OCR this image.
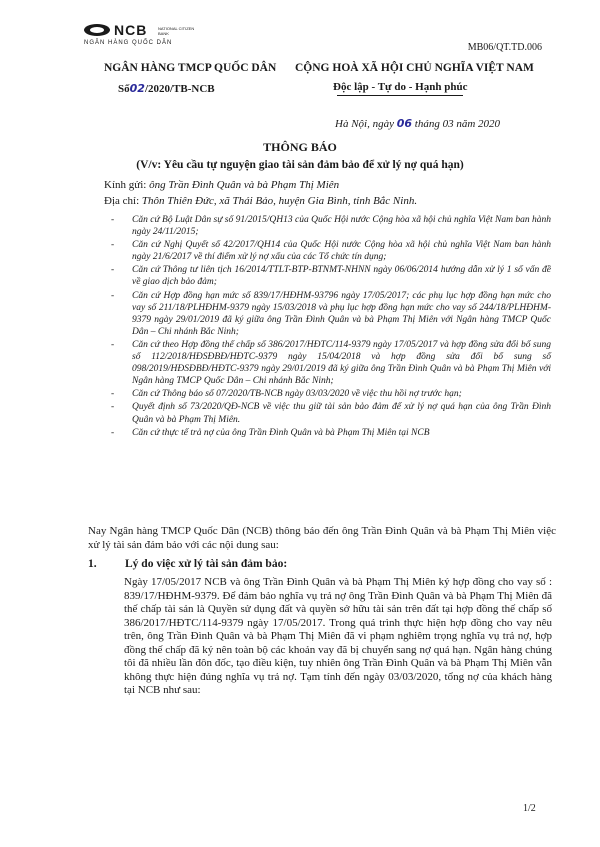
NCB	NATIONAL CITIZEN BANK
NGÂN HÀNG QUỐC DÂN	MB06/QT.TD.006
NGÂN HÀNG TMCP QUỐC DÂN
Số02/2020/TB-NCB
CỘNG HOÀ XÃ HỘI CHỦ NGHĨA VIỆT NAM
Độc lập - Tự do - Hạnh phúc
Hà Nội, ngày 06 tháng 03 năm 2020
THÔNG BÁO
(V/v: Yêu cầu tự nguyện giao tài sản đảm bảo để xử lý nợ quá hạn)
Kính gửi: ông Trần Đình Quân và bà Phạm Thị Miên
Địa chỉ: Thôn Thiên Đức, xã Thái Bảo, huyện Gia Bình, tỉnh Bắc Ninh.
-	Căn cứ Bộ Luật Dân sự số 91/2015/QH13 của Quốc Hội nước Cộng hòa xã hội chủ nghĩa Việt Nam ban hành ngày 24/11/2015;
-	Căn cứ Nghị Quyết số 42/2017/QH14 của Quốc Hội nước Cộng hòa xã hội chủ nghĩa Việt Nam ban hành ngày 21/6/2017 về thí điểm xử lý nợ xấu của các Tổ chức tín dụng;
-	Căn cứ Thông tư liên tịch 16/2014/TTLT-BTP-BTNMT-NHNN ngày 06/06/2014 hướng dẫn xử lý 1 số vấn đề về giao dịch bảo đảm;
-	Căn cứ Hợp đồng hạn mức số 839/17/HĐHM-93796 ngày 17/05/2017; các phụ lục hợp đồng hạn mức cho vay số 211/18/PLHĐHM-9379 ngày 15/03/2018 và phụ lục hợp đồng hạn mức cho vay số 244/18/PLHĐHM-9379 ngày 29/01/2019 đã ký giữa ông Trần Đình Quân và bà Phạm Thị Miên với Ngân hàng TMCP Quốc Dân – Chi nhánh Bắc Ninh;
-	Căn cứ theo Hợp đồng thế chấp số 386/2017/HĐTC/114-9379 ngày 17/05/2017 và hợp đồng sửa đổi bổ sung số 112/2018/HĐSĐBĐ/HĐTC-9379 ngày 15/04/2018 và hợp đồng sửa đổi bổ sung số 098/2019/HĐSĐBĐ/HĐTC-9379 ngày 29/01/2019 đã ký giữa ông Trần Đình Quân và bà Phạm Thị Miên với Ngân hàng TMCP Quốc Dân – Chi nhánh Bắc Ninh;
-	Căn cứ Thông báo số 07/2020/TB-NCB ngày 03/03/2020 về việc thu hồi nợ trước hạn;
-	Quyết định số 73/2020/QĐ-NCB về việc thu giữ tài sản bảo đảm để xử lý nợ quá hạn của ông Trần Đình Quân và bà Phạm Thị Miên.
-	Căn cứ thực tế trả nợ của ông Trần Đình Quân và bà Phạm Thị Miên tại NCB
Nay Ngân hàng TMCP Quốc Dân (NCB) thông báo đến ông Trần Đình Quân và bà Phạm Thị Miên việc xử lý tài sản đảm bảo với các nội dung sau:
1. Lý do việc xử lý tài sản đảm bảo:
Ngày 17/05/2017 NCB và ông Trần Đình Quân và bà Phạm Thị Miên ký hợp đồng cho vay số : 839/17/HĐHM-9379. Để đảm bảo nghĩa vụ trả nợ ông Trần Đình Quân và bà Phạm Thị Miên đã thế chấp tài sản là Quyền sử dụng đất và quyền sở hữu tài sản trên đất tại hợp đồng thế chấp số 386/2017/HĐTC/114-9379 ngày 17/05/2017. Trong quá trình thực hiện hợp đồng cho vay nêu trên, ông Trần Đình Quân và bà Phạm Thị Miên đã vi phạm nghiêm trọng nghĩa vụ trả nợ, hợp đồng thế chấp đã ký nên toàn bộ các khoản vay đã bị chuyển sang nợ quá hạn. Ngân hàng chúng tôi đã nhiều lần đôn đốc, tạo điều kiện, tuy nhiên ông Trần Đình Quân và bà Phạm Thị Miên vẫn không thực hiện đúng nghĩa vụ trả nợ. Tạm tính đến ngày 03/03/2020, tổng nợ của khách hàng tại NCB như sau:
1/2
